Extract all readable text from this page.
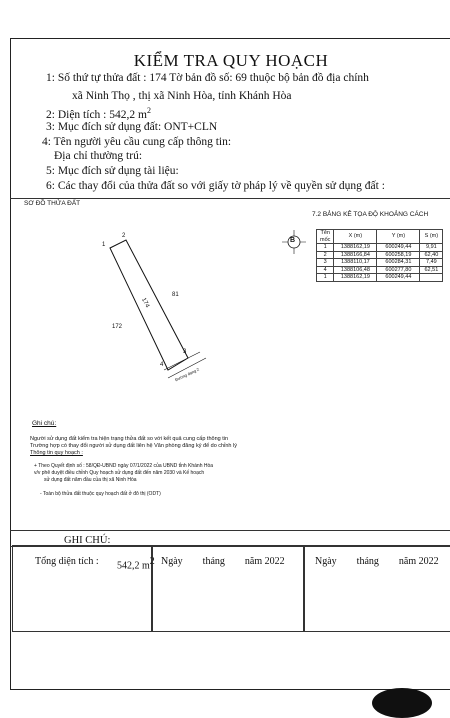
KIỂM TRA QUY HOẠCH
1: Số thứ tự thửa đất : 174 Tờ bản đồ số: 69 thuộc bộ bản đồ địa chính
xã Ninh Thọ , thị xã Ninh Hòa, tỉnh Khánh Hòa
2: Diện tích : 542,2 $m^2$
3: Mục đích sử dụng đất: ONT+CLN
4: Tên người yêu cầu cung cấp thông tin:
Địa chỉ thường trú:
5: Mục đích sử dụng tài liệu:
6: Các thay đổi của thửa đất so với giấy tờ pháp lý về quyền sử dụng đất :
SƠ ĐỒ THỬA ĐẤT
7.2 BẢNG KÊ TỌA ĐỘ KHOẢNG CÁCH
1
2
3
4
174
172
81
Đường dạng 2
B
Tên mốc	X (m)	Y (m)	S (m)
1	1388162,19	600249,44	9,91
2	1388166,84	600258,19	62,40
3	1388110,17	600284,31	7,49
4	1388106,48	600277,80	62,51
1	1388162,19	600249,44	
Ghi chú:
Người sử dụng đất kiểm tra hiện trạng thửa đất so với kết quả cung cấp thông tin
Trường hợp có thay đổi người sử dụng đất liên hệ Văn phòng đăng ký để do chỉnh lý
Thông tin quy hoạch :
+ Theo Quyết định số : 58/QĐ-UBND ngày 07/1/2022 của UBND tỉnh Khánh Hòa
v/v phê duyệt điều chỉnh Quy hoạch sử dụng đất đến năm 2030 và Kế hoạch
sử dụng đất năm đầu của thị xã Ninh Hòa
- Toàn bộ thửa đất thuộc quy hoạch đất ở đô thị (ODT)
GHI CHÚ:
Tổng diện tích : 542,2 m2 Ngày        tháng        năm 2022	Ngày        tháng        năm 2022
